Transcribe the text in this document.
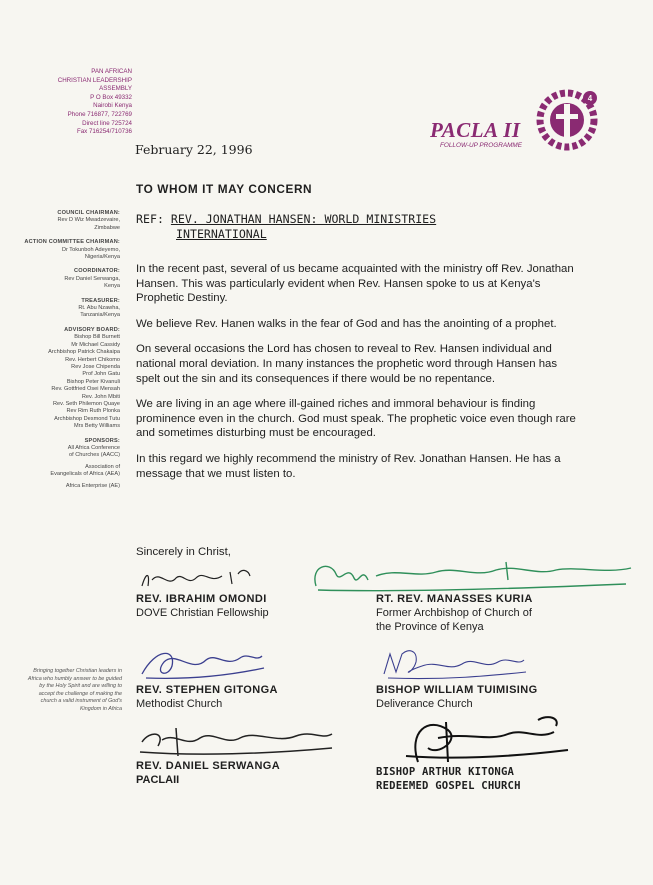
PAN AFRICAN
CHRISTIAN LEADERSHIP
ASSEMBLY
P O Box 49332
Nairobi Kenya
Phone 716877, 722769
Direct line 725724
Fax 716254/710736
February 22, 1996
4
PACLA II
FOLLOW-UP PROGRAMME
COUNCIL CHAIRMAN:
Rev D Wiz Mwadzevaire,
Zimbabwe
ACTION COMMITTEE CHAIRMAN:
Dr Tokunboh Adeyemo,
Nigeria/Kenya
COORDINATOR:
Rev Daniel Serwanga,
Kenya
TREASURER:
Rt. Abu Nzawha,
Tanzania/Kenya
ADVISORY BOARD:
Bishop Bill Burnett
Mr Michael Cassidy
Archbishop Patrick Chakaipa
Rev. Herbert Chikomo
Rev Jose Chipenda
Prof John Gatu
Bishop Peter Kivanuli
Rev. Gottfried Osei Mensah
Rev. John Mbiti
Rev. Seth Philemon Quaye
Rev Rim Ruth Plonka
Archbishop Desmond Tutu
Mrs Betty Williams
SPONSORS:
All Africa Conference
of Churches (AACC)
Association of
Evangelicals of Africa (AEA)
Africa Enterprise (AE)
Bringing together Christian leaders in Africa who humbly answer to be guided by the Holy Spirit and are willing to accept the challenge of making the church a valid instrument of God's Kingdom in Africa
TO WHOM IT MAY CONCERN
REF: REV. JONATHAN HANSEN: WORLD MINISTRIES
INTERNATIONAL

In the recent past, several of us became acquainted with the ministry off Rev. Jonathan Hansen. This was particularly evident when Rev. Hansen spoke to us at Kenya's Prophetic Destiny.

We believe Rev. Hanen walks in the fear of God and has the anointing of a prophet.

On several occasions the Lord has chosen to reveal to Rev. Hansen individual and national moral deviation. In many instances the prophetic word through Hansen has spelt out the sin and its consequences if there would be no repentance.

We are living in an age where ill-gained riches and immoral behaviour is finding prominence even in the church. God must speak. The prophetic voice even though rare and sometimes disturbing must be encouraged.

In this regard we highly recommend the ministry of Rev. Jonathan Hansen. He has a message that we must listen to.

Sincerely in Christ,
REV. IBRAHIM OMONDI
DOVE Christian Fellowship
RT. REV. MANASSES KURIA
Former Archbishop of Church of
the Province of Kenya
REV. STEPHEN GITONGA
Methodist Church
BISHOP WILLIAM TUIMISING
Deliverance Church
REV. DANIEL SERWANGA
PACLAII
BISHOP ARTHUR KITONGA
REDEEMED GOSPEL CHURCH
